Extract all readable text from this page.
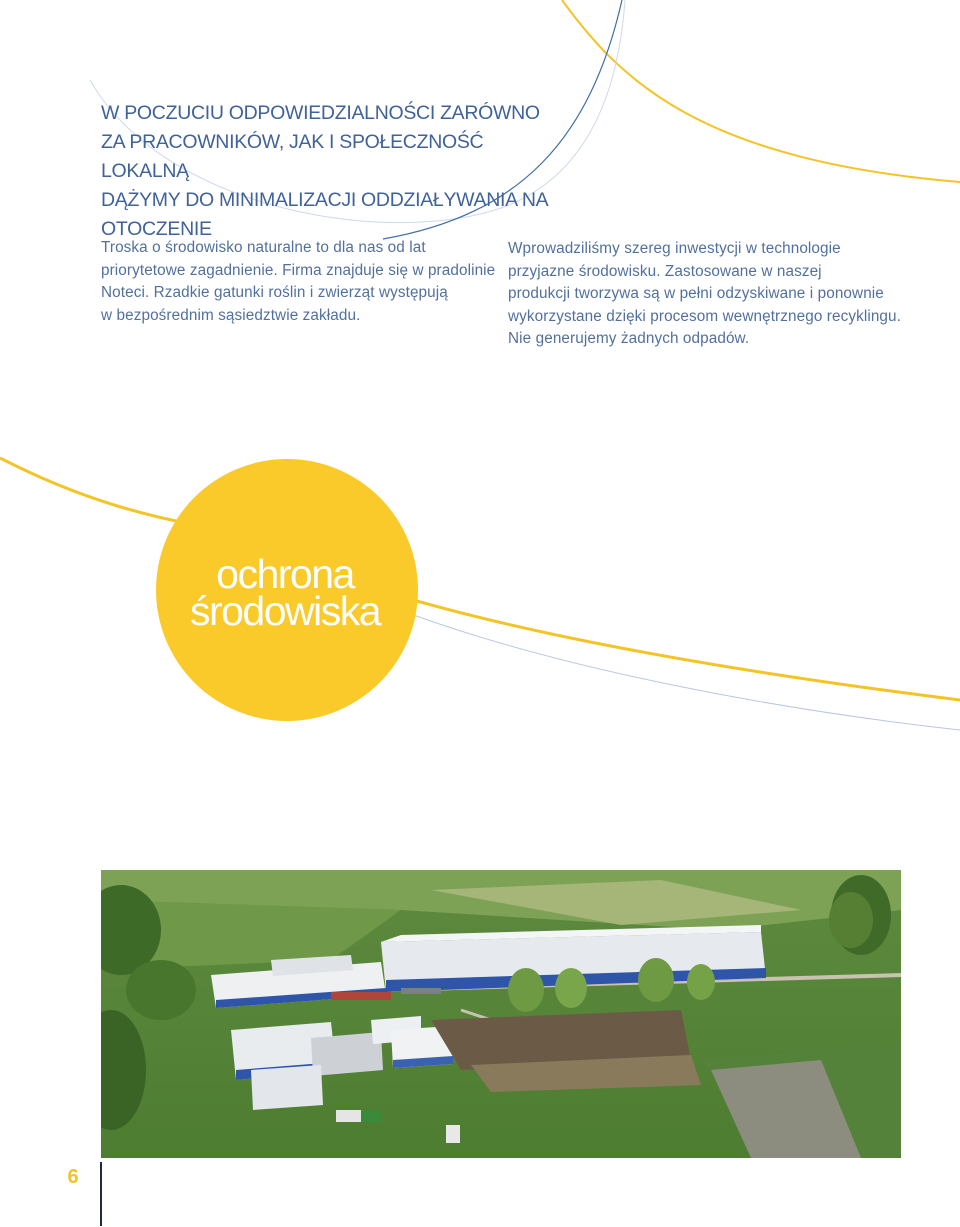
W POCZUCIU ODPOWIEDZIALNOŚCI ZARÓWNO
ZA PRACOWNIKÓW, JAK I SPOŁECZNOŚĆ LOKALNĄ
DĄŻYMY DO MINIMALIZACJI ODDZIAŁYWANIA NA
OTOCZENIE
Troska o środowisko naturalne to dla nas od lat
priorytetowe zagadnienie. Firma znajduje się w pradolinie
Noteci. Rzadkie gatunki roślin i zwierząt występują
w bezpośrednim sąsiedztwie zakładu.
Wprowadziliśmy szereg inwestycji w technologie
przyjazne środowisku. Zastosowane w naszej
produkcji tworzywa są w pełni odzyskiwane i ponownie
wykorzystane dzięki procesom wewnętrznego recyklingu.
Nie generujemy żadnych odpadów.
ochrona
środowiska
6
